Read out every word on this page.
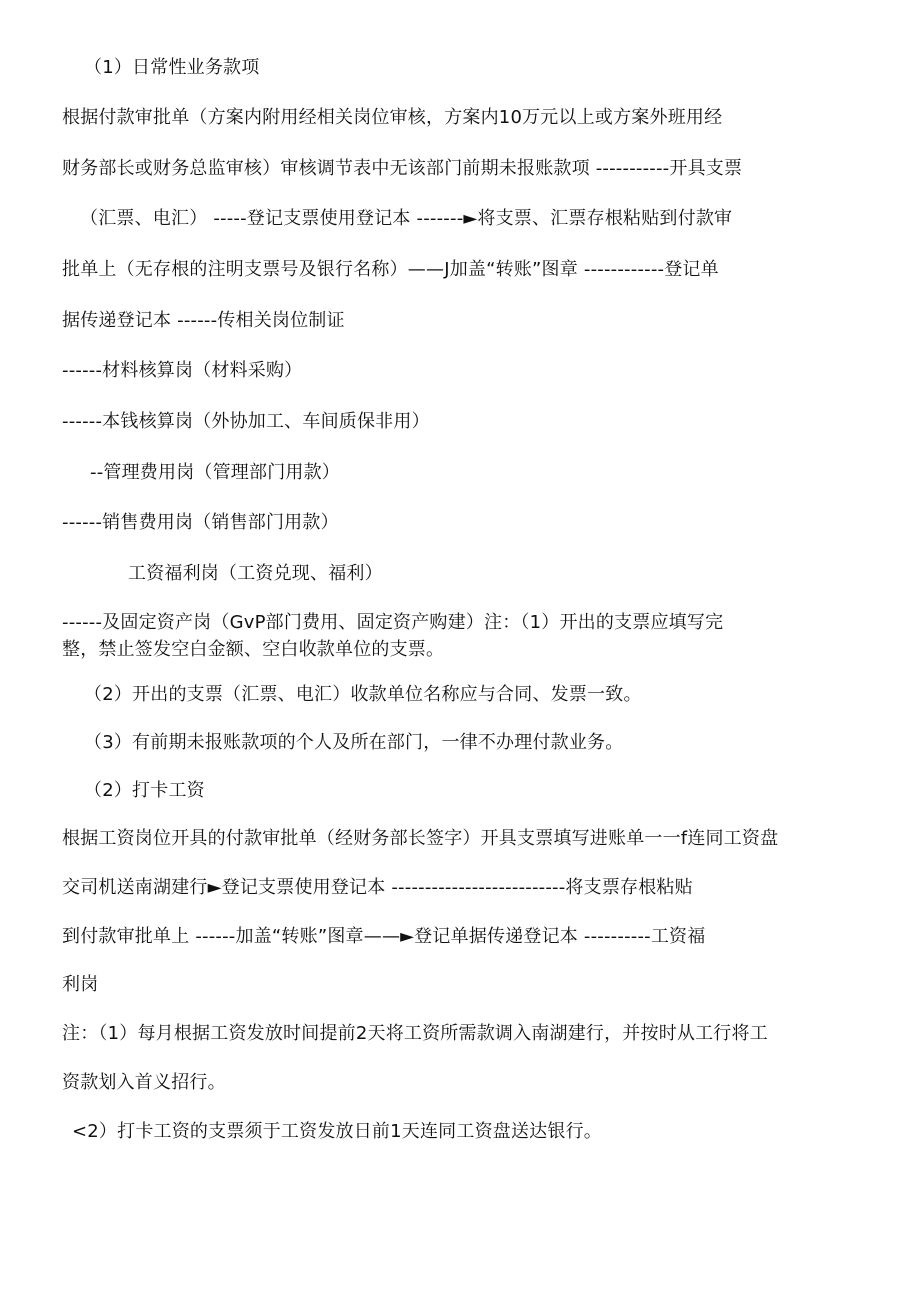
（1）日常性业务款项
根据付款审批单（方案内附用经相关岗位审核，方案内10万元以上或方案外班用经
财务部长或财务总监审核）审核调节表中无该部门前期未报账款项 -----------开具支票
（汇票、电汇） -----登记支票使用登记本 -------►将支票、汇票存根粘贴到付款审
批单上（无存根的注明支票号及银行名称）——J加盖“转账”图章 ------------登记单
据传递登记本 ------传相关岗位制证
------材料核算岗（材料采购）
------本钱核算岗（外协加工、车间质保非用）
--管理费用岗（管理部门用款）
------销售费用岗（销售部门用款）
工资福利岗（工资兑现、福利）
------及固定资产岗（GvP部门费用、固定资产购建）注：（1）开出的支票应填写完
整，禁止签发空白金额、空白收款单位的支票。
（2）开出的支票（汇票、电汇）收款单位名称应与合同、发票一致。
（3）有前期未报账款项的个人及所在部门，一律不办理付款业务。
（2）打卡工资
根据工资岗位开具的付款审批单（经财务部长签字）开具支票填写进账单一一f连同工资盘
交司机送南湖建行►登记支票使用登记本 --------------------------将支票存根粘贴
到付款审批单上 ------加盖“转账”图章——►登记单据传递登记本 ----------工资福
利岗
注：（1）每月根据工资发放时间提前2天将工资所需款调入南湖建行，并按时从工行将工
资款划入首义招行。
<2）打卡工资的支票须于工资发放日前1天连同工资盘送达银行。
